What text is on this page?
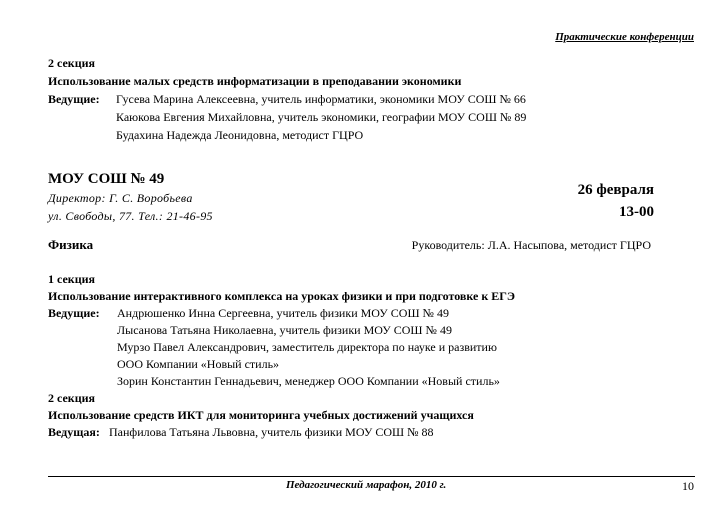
Практические конференции
2 секция
Использование малых средств информатизации в преподавании экономики
Ведущие: Гусева Марина Алексеевна, учитель информатики, экономики МОУ СОШ № 66
Каюкова Евгения Михайловна, учитель экономики, географии МОУ СОШ № 89
Будахина Надежда Леонидовна, методист ГЦРО
МОУ СОШ № 49
Директор: Г. С. Воробьева
ул. Свободы, 77. Тел.: 21-46-95
26 февраля
13-00
Физика	Руководитель: Л.А. Насыпова, методист ГЦРО
1 секция
Использование интерактивного комплекса на уроках физики и при подготовке к ЕГЭ
Ведущие: Андрюшенко Инна Сергеевна, учитель физики МОУ СОШ № 49
Лысанова Татьяна Николаевна, учитель физики МОУ СОШ № 49
Мурзо Павел Александрович, заместитель директора по науке и развитию
ООО Компании «Новый стиль»
Зорин Константин Геннадьевич, менеджер ООО Компании «Новый стиль»
2 секция
Использование средств ИКТ для мониторинга учебных достижений учащихся
Ведущая: Панфилова Татьяна Львовна, учитель физики МОУ СОШ № 88
Педагогический марафон, 2010 г.	10
